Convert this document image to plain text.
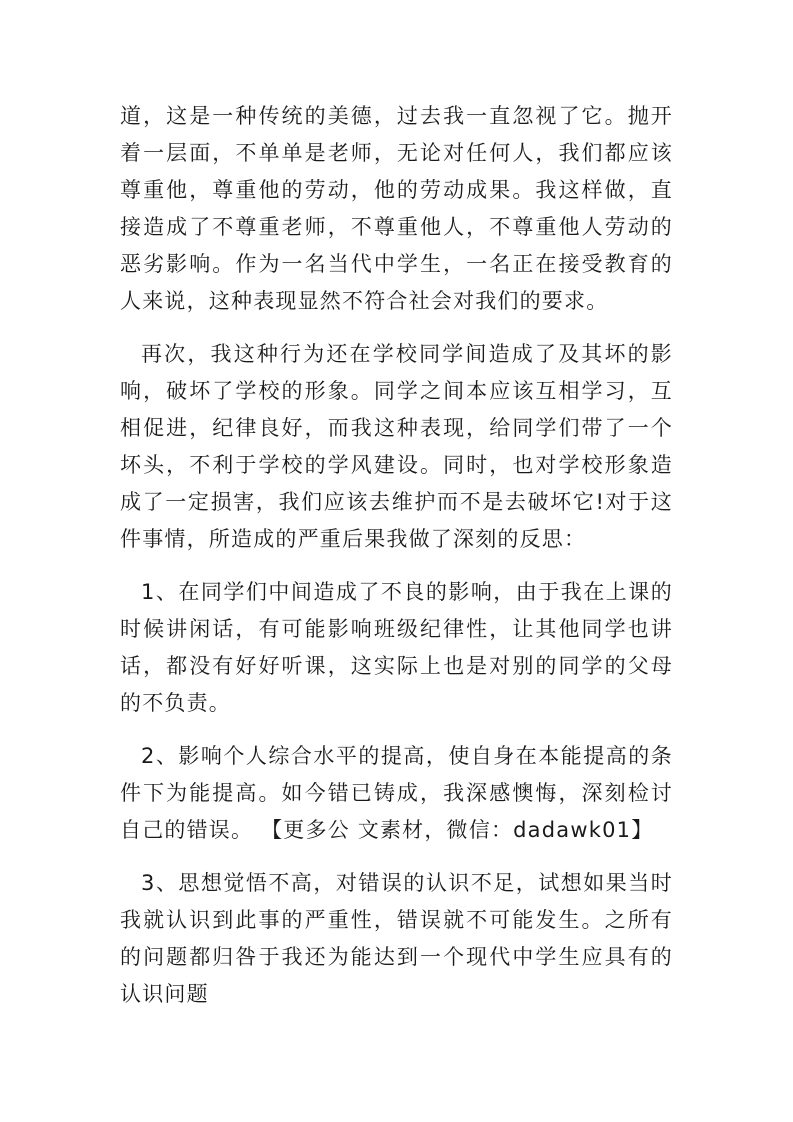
道，这是一种传统的美德，过去我一直忽视了它。抛开着一层面，不单单是老师，无论对任何人，我们都应该尊重他，尊重他的劳动，他的劳动成果。我这样做，直接造成了不尊重老师，不尊重他人，不尊重他人劳动的恶劣影响。作为一名当代中学生，一名正在接受教育的人来说，这种表现显然不符合社会对我们的要求。

再次，我这种行为还在学校同学间造成了及其坏的影响，破坏了学校的形象。同学之间本应该互相学习，互相促进，纪律良好，而我这种表现，给同学们带了一个坏头，不利于学校的学风建设。同时，也对学校形象造成了一定损害，我们应该去维护而不是去破坏它!对于这件事情，所造成的严重后果我做了深刻的反思：

1、在同学们中间造成了不良的影响，由于我在上课的时候讲闲话，有可能影响班级纪律性，让其他同学也讲话，都没有好好听课，这实际上也是对别的同学的父母的不负责。

2、影响个人综合水平的提高，使自身在本能提高的条件下为能提高。如今错已铸成，我深感懊悔，深刻检讨自己的错误。 【更多公 文素材，微信：dadawk01】

3、思想觉悟不高，对错误的认识不足，试想如果当时我就认识到此事的严重性，错误就不可能发生。之所有的问题都归咎于我还为能达到一个现代中学生应具有的认识问题
